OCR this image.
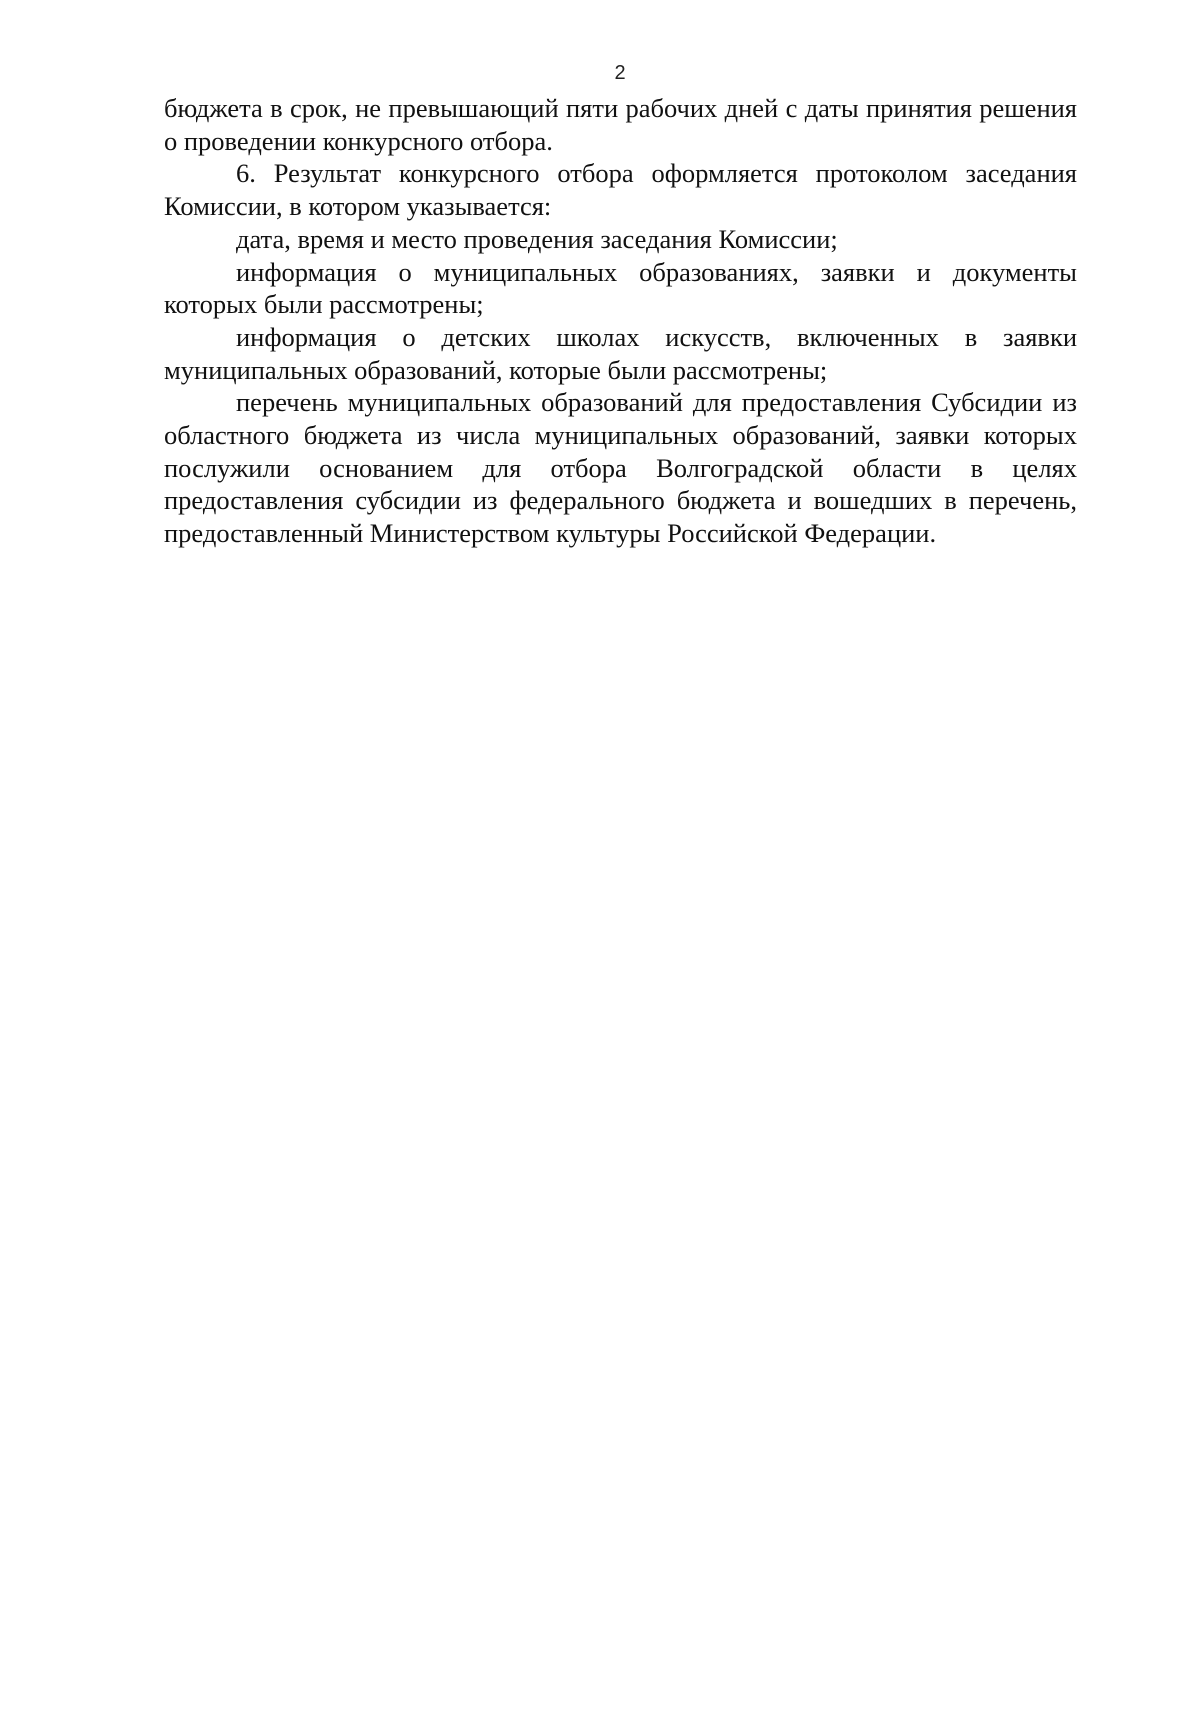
2

бюджета в срок, не превышающий пяти рабочих дней с даты принятия решения о проведении конкурсного отбора.

6. Результат конкурсного отбора оформляется протоколом заседания Комиссии, в котором указывается:

дата, время и место проведения заседания Комиссии;

информация о муниципальных образованиях, заявки и документы которых были рассмотрены;

информация о детских школах искусств, включенных в заявки муниципальных образований, которые были рассмотрены;

перечень муниципальных образований для предоставления Субсидии из областного бюджета из числа муниципальных образований, заявки которых послужили основанием для отбора Волгоградской области в целях предоставления субсидии из федерального бюджета и вошедших в перечень, предоставленный Министерством культуры Российской Федерации.
